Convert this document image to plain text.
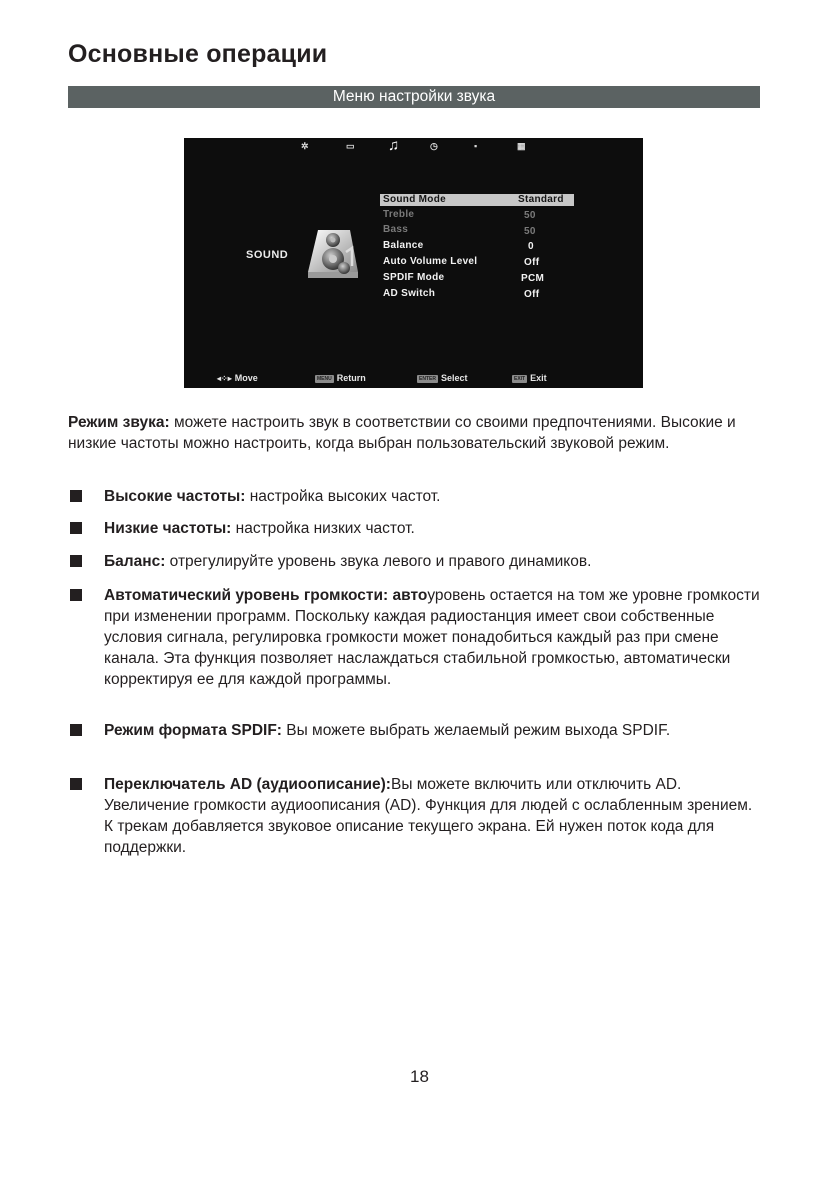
Основные операции
Меню настройки звука
✲	▭ ♫	◷	▪	▦
SOUND
Sound Mode	Standard
Treble	50
Bass	50
Balance	0
Auto Volume Level	Off
SPDIF Mode	PCM
AD Switch	Off
◂⁘▸ Move	MENU Return	ENTER Select	EXIT Exit
Режим звука: можете настроить звук в соответствии со своими предпочтениями. Высокие и низкие частоты можно настроить, когда выбран пользовательский звуковой режим.
Высокие частоты: настройка высоких частот.
Низкие частоты: настройка низких частот.
Баланс: отрегулируйте уровень звука левого и правого динамиков.
Автоматический уровень громкости: автоуровень остается на том же уровне громкости при изменении программ. Поскольку каждая радиостанция имеет свои собственные условия сигнала, регулировка громкости может понадобиться каждый раз при смене канала. Эта функция позволяет наслаждаться стабильной громкостью, автоматически корректируя ее для каждой программы.
Режим формата SPDIF: Вы можете выбрать желаемый режим выхода SPDIF.
Переключатель AD (аудиоописание):Вы можете включить или отключить AD. Увеличение громкости аудиоописания (AD). Функция для людей с ослабленным зрением. К трекам добавляется звуковое описание текущего экрана. Ей нужен поток кода для поддержки.
18
